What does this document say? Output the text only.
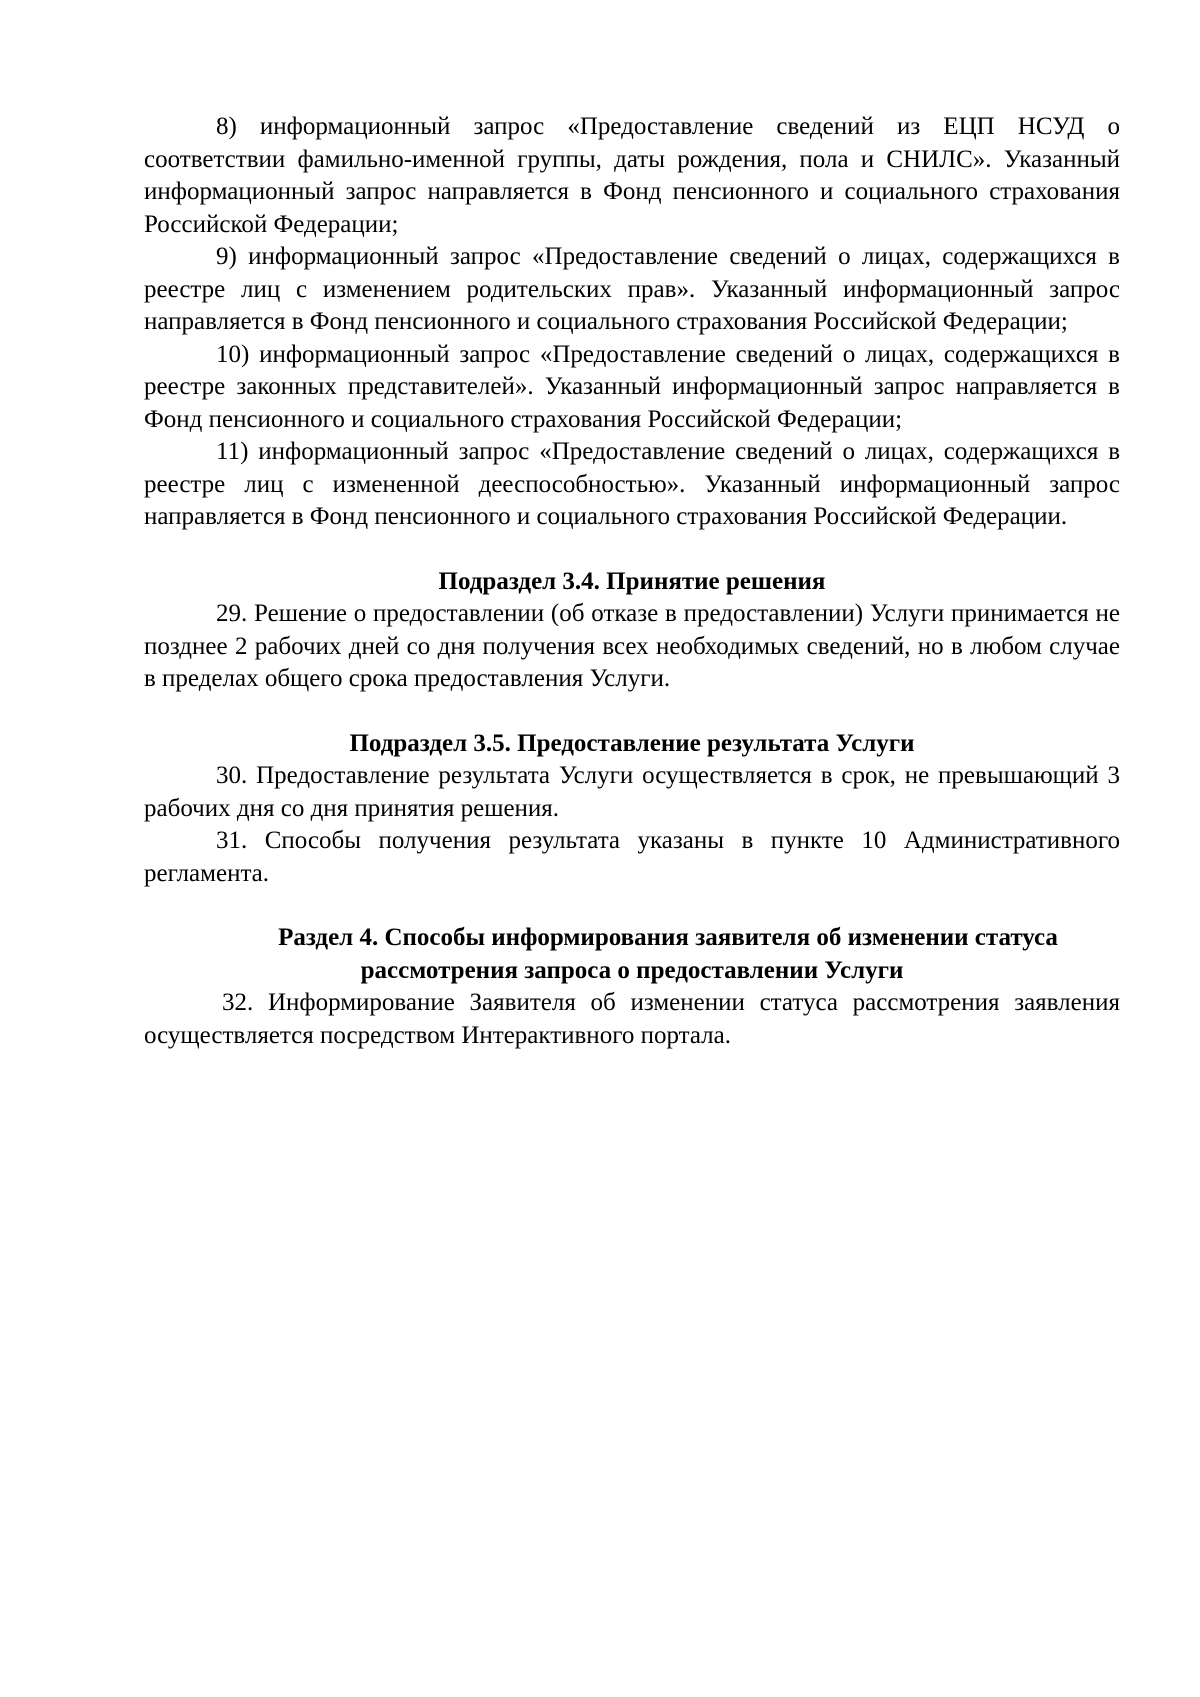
8) информационный запрос «Предоставление сведений из ЕЦП НСУД о соответствии фамильно-именной группы, даты рождения, пола и СНИЛС». Указанный информационный запрос направляется в Фонд пенсионного и социального страхования Российской Федерации;

9) информационный запрос «Предоставление сведений о лицах, содержащихся в реестре лиц с изменением родительских прав». Указанный информационный запрос направляется в Фонд пенсионного и социального страхования Российской Федерации;

10) информационный запрос «Предоставление сведений о лицах, содержащихся в реестре законных представителей». Указанный информационный запрос направляется в Фонд пенсионного и социального страхования Российской Федерации;

11) информационный запрос «Предоставление сведений о лицах, содержащихся в реестре лиц с измененной дееспособностью». Указанный информационный запрос направляется в Фонд пенсионного и социального страхования Российской Федерации.

Подраздел 3.4. Принятие решения

29. Решение о предоставлении (об отказе в предоставлении) Услуги принимается не позднее 2 рабочих дней со дня получения всех необходимых сведений, но в любом случае в пределах общего срока предоставления Услуги.

Подраздел 3.5. Предоставление результата Услуги

30. Предоставление результата Услуги осуществляется в срок, не превышающий 3 рабочих дня со дня принятия решения.

31. Способы получения результата указаны в пункте 10 Административного регламента.

Раздел 4. Способы информирования заявителя об изменении статуса

рассмотрения запроса о предоставлении Услуги

32. Информирование Заявителя об изменении статуса рассмотрения заявления осуществляется посредством Интерактивного портала.
